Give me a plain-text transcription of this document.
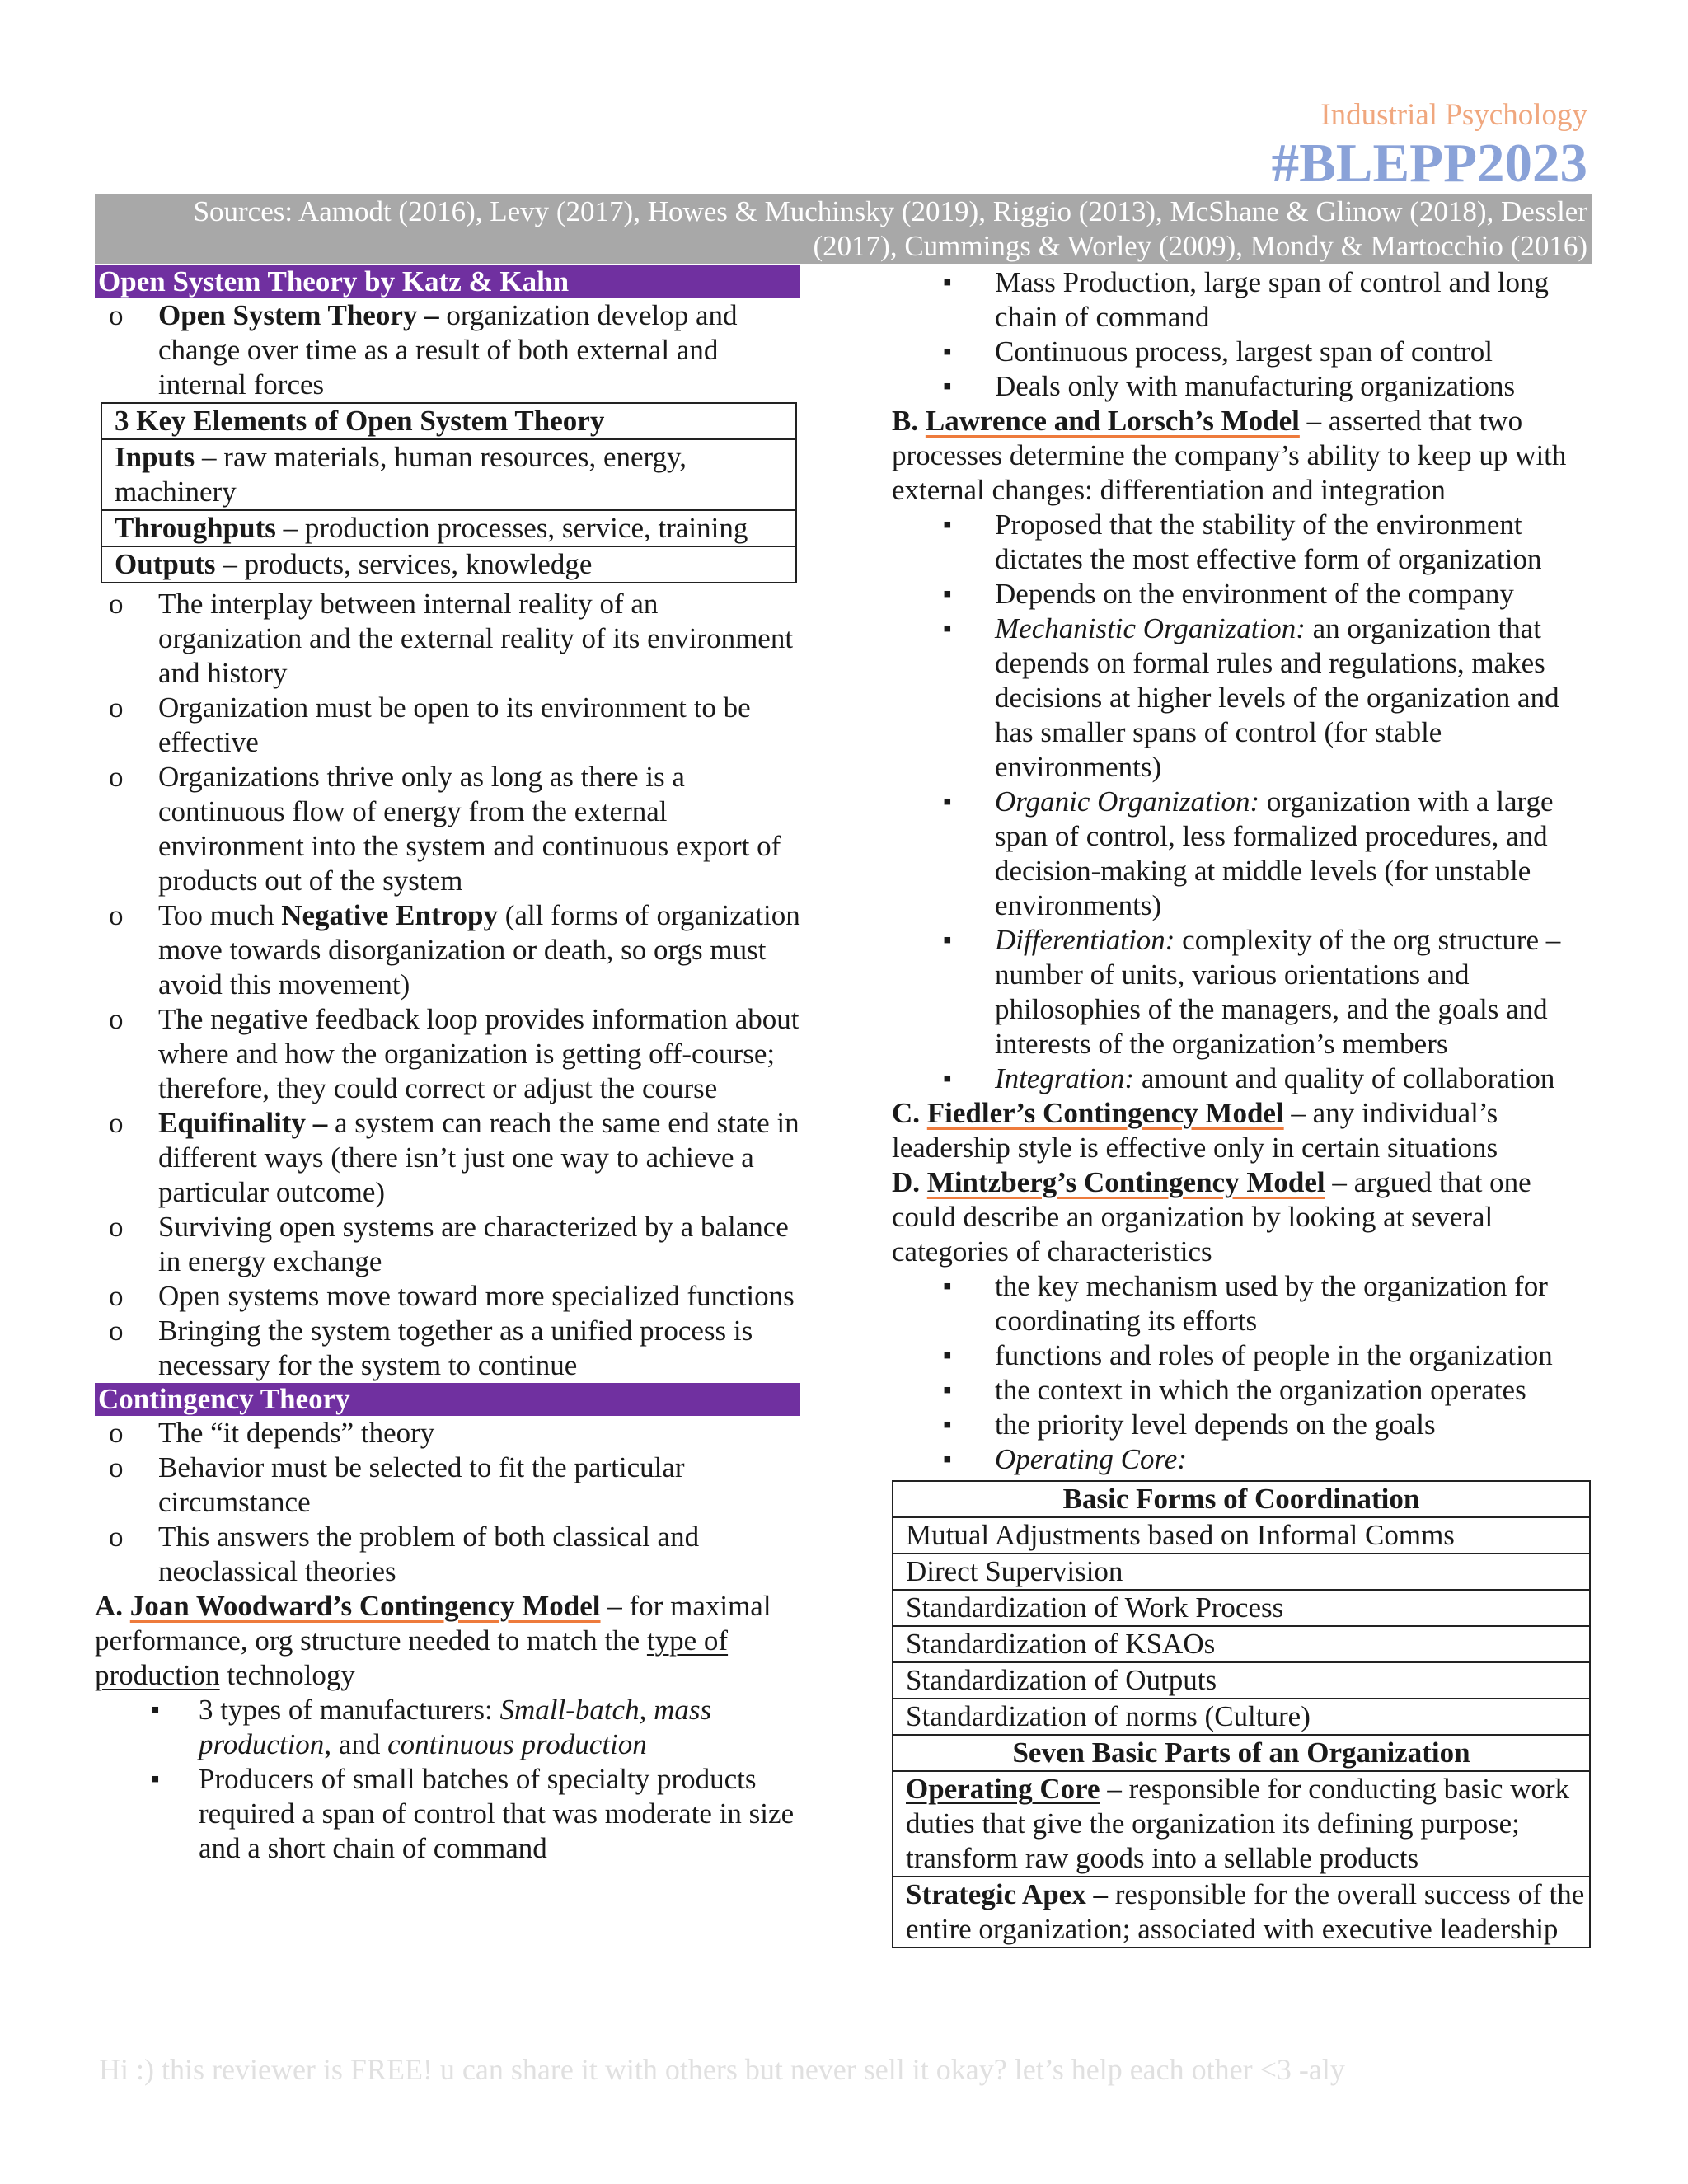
Industrial Psychology
#BLEPP2023
Sources: Aamodt (2016), Levy (2017), Howes & Muchinsky (2019), Riggio (2013), McShane & Glinow (2018), Dessler
(2017), Cummings & Worley (2009), Mondy & Martocchio (2016)
Open System Theory by Katz & Kahn
o Open System Theory – organization develop and change over time as a result of both external and internal forces
3 Key Elements of Open System Theory
Inputs – raw materials, human resources, energy, machinery
Throughputs – production processes, service, training
Outputs – products, services, knowledge
o The interplay between internal reality of an organization and the external reality of its environment and history
o Organization must be open to its environment to be effective
o Organizations thrive only as long as there is a continuous flow of energy from the external environment into the system and continuous export of products out of the system
o Too much Negative Entropy (all forms of organization move towards disorganization or death, so orgs must avoid this movement)
o The negative feedback loop provides information about where and how the organization is getting off-course; therefore, they could correct or adjust the course
o Equifinality – a system can reach the same end state in different ways (there isn’t just one way to achieve a particular outcome)
o Surviving open systems are characterized by a balance in energy exchange
o Open systems move toward more specialized functions
o Bringing the system together as a unified process is necessary for the system to continue
Contingency Theory
o The “it depends” theory
o Behavior must be selected to fit the particular circumstance
o This answers the problem of both classical and neoclassical theories

A. Joan Woodward’s Contingency Model – for maximal performance, org structure needed to match the type of production technology

▪ 3 types of manufacturers: Small-batch, mass production, and continuous production
▪ Producers of small batches of specialty products required a span of control that was moderate in size and a short chain of command
▪ Mass Production, large span of control and long chain of command
▪ Continuous process, largest span of control
▪ Deals only with manufacturing organizations

B. Lawrence and Lorsch’s Model – asserted that two processes determine the company’s ability to keep up with external changes: differentiation and integration

▪ Proposed that the stability of the environment dictates the most effective form of organization
▪ Depends on the environment of the company
▪ Mechanistic Organization: an organization that depends on formal rules and regulations, makes decisions at higher levels of the organization and has smaller spans of control (for stable environments)
▪ Organic Organization: organization with a large span of control, less formalized procedures, and decision-making at middle levels (for unstable environments)
▪ Differentiation: complexity of the org structure – number of units, various orientations and philosophies of the managers, and the goals and interests of the organization’s members
▪ Integration: amount and quality of collaboration

C. Fiedler’s Contingency Model – any individual’s leadership style is effective only in certain situations

D. Mintzberg’s Contingency Model – argued that one could describe an organization by looking at several categories of characteristics

▪ the key mechanism used by the organization for coordinating its efforts
▪ functions and roles of people in the organization
▪ the context in which the organization operates
▪ the priority level depends on the goals
▪ Operating Core:
Basic Forms of Coordination
Mutual Adjustments based on Informal Comms
Direct Supervision
Standardization of Work Process
Standardization of KSAOs
Standardization of Outputs
Standardization of norms (Culture)
Seven Basic Parts of an Organization
Operating Core – responsible for conducting basic work duties that give the organization its defining purpose; transform raw goods into a sellable products
Strategic Apex – responsible for the overall success of the entire organization; associated with executive leadership
Hi :) this reviewer is FREE! u can share it with others but never sell it okay? let’s help each other <3 -aly
